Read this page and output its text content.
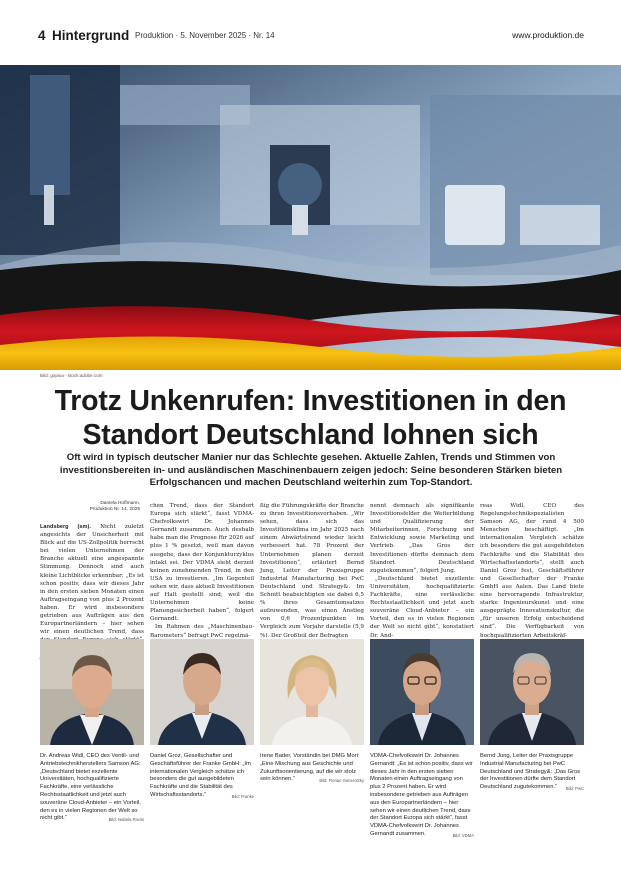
4 Hintergrund Produktion · 5. November 2025 · Nr. 14	www.produktion.de
Bild: gopixa - stock.adobe.com
Trotz Unkenrufen: Investitionen in den
Standort Deutschland lohnen sich
Oft wird in typisch deutscher Manier nur das Schlechte gesehen. Aktuelle Zahlen, Trends und Stimmen von investitionsbereiten in- und ausländischen Maschinenbauern zeigen jedoch: Seine besonderen Stärken bieten Erfolgschancen und machen Deutschland weiterhin zum Top-Standort.
Daniela Hoffmann,
Produktion Nr. 14, 2025

Landsberg (sm). Nicht zuletzt angesichts der Unsicherheit mit Blick auf die US-Zollpolitik herrscht bei vielen Unternehmen der Branche aktuell eine angespannte Stimmung. Dennoch sind auch kleine Lichtblicke erkennbar: „Es ist schon positiv, dass wir dieses Jahr in den ersten sieben Monaten einen Auftragseingang von plus 2 Prozent haben. Er wird insbesondere getrieben aus Aufträgen aus den Europartnerländern – hier sehen wir einen deutlichen Trend, dass

chen Trend, dass der Standort Europa sich stärkt“, fasst VDMA-Chefvolkswirt Dr. Johannes Gernandt zusammen. Auch deshalb habe man die Prognose für 2026 auf plus 1 % gesetzt, weil man davon ausgehe, dass der Konjunkturzyklus intakt sei. Der VDMA sieht derzeit keinen zunehmenden Trend, in den USA zu investieren. „Im Gegenteil sehen wir, dass aktuell Investitionen auf Halt gestellt sind, weil die Unternehmen keine Planungssicherheit haben“, folgert Gernandt.

Im Rahmen des „Maschinenbau-Barometers“ befragt PwC regelmä-

ßig die Führungskräfte der Branche zu ihren Investitionsvorhaben. „Wir sehen, dass sich das Investitionsklima im Jahr 2025 nach einem Abwärtstrend wieder leicht verbessert hat. 78 Prozent der Unternehmen planen derzeit Investitionen“, erläutert Bernd Jung, Leiter der Praxisgruppe Industrial Manufacturing bei PwC Deutschland und Strategy&. Im Schnitt beabsichtigten sie dabei 6,5 % ihres Gesamtumsatzes aufzuwenden, was einen Anstieg von 0,6 Prozentpunkten im Vergleich zum Vorjahr darstelle (5,9 %). Der Großteil der Befragten

nennt demnach als signifikante Investitionsfelder die Weiterbildung und Qualifizierung der Mitarbeiterinnen, Forschung und Entwicklung sowie Marketing und Vertrieb. „Das Gros der Investitionen dürfte demnach dem Standort Deutschland zugutekommen“, folgert Jung.

„Deutschland bietet exzellente Universitäten, hochqualifizierte Fachkräfte, eine verlässliche Rechtsstaatlichkeit und jetzt auch souveräne Cloud-Anbieter – ein Vorteil, den es in vielen Regionen der Welt so nicht gibt“, konstatiert Dr. And-

reas Widl, CEO des Regelungstechnikspezialisten Samson AG, der rund 4 500 Menschen beschäftigt. „Im internationalen Vergleich schätze ich besonders die gut ausgebildeten Fachkräfte und die Stabilität des Wirtschaftsstandorts“, stellt auch Daniel Groz fest, Geschäftsführer und Gesellschafter der Franke GmbH aus Aalen. Das Land biete eine hervorragende Infrastruktur, starke Ingenieurskunst und eine ausgeprägte Innovationskultur, die „für unseren Erfolg entscheidend sind“. Die Verfügbarkeit von hochqualifizierten Arbeitskräf-

Dr. Andreas Widl, CEO des Ventil- und Antriebstechnikherstellers Samson AG: „Deutschland bietet exzellente Universitäten, hochqualifizierte Fachkräfte, eine verlässliche Rechtsstaatlichkeit und jetzt auch souveräne Cloud-Anbieter – ein Vorteil, den es in vielen Regionen der Welt so nicht gibt.“	Bild: Isabela Pacini
Daniel Groz, Gesellschafter und Geschäftsführer der Franke GmbH: „Im internationalen Vergleich schätze ich besonders die gut ausgebildeten Fachkräfte und die Stabilität des Wirtschaftsstandorts.“	Bild: Franke
Irene Bader, Vorständin bei DMG Mori: „Eine Mischung aus Geschichte und Zukunftsorientierung, auf die wir stolz sein können.“	Bild: Florian Generotzky
VDMA-Chefvolkswirt Dr. Johannes Gernandt: „Es ist schon positiv, dass wir dieses Jahr in den ersten sieben Monaten einen Auftragseingang von plus 2 Prozent haben. Er wird insbesondere getrieben aus Aufträgen aus den Europartnerländern – hier sehen wir einen deutlichen Trend, dass der Standort Europa sich stärkt“, fasst VDMA-Chefvolkswirt Dr. Johannes Gernandt zusammen.	Bild: VDMA
Bernd Jung, Leiter der Praxisgruppe Industrial Manufacturing bei PwC Deutschland und Strategy&: „Das Gros der Investitionen dürfte dem Standort Deutschland zugutekommen.“ Bild: PwC
